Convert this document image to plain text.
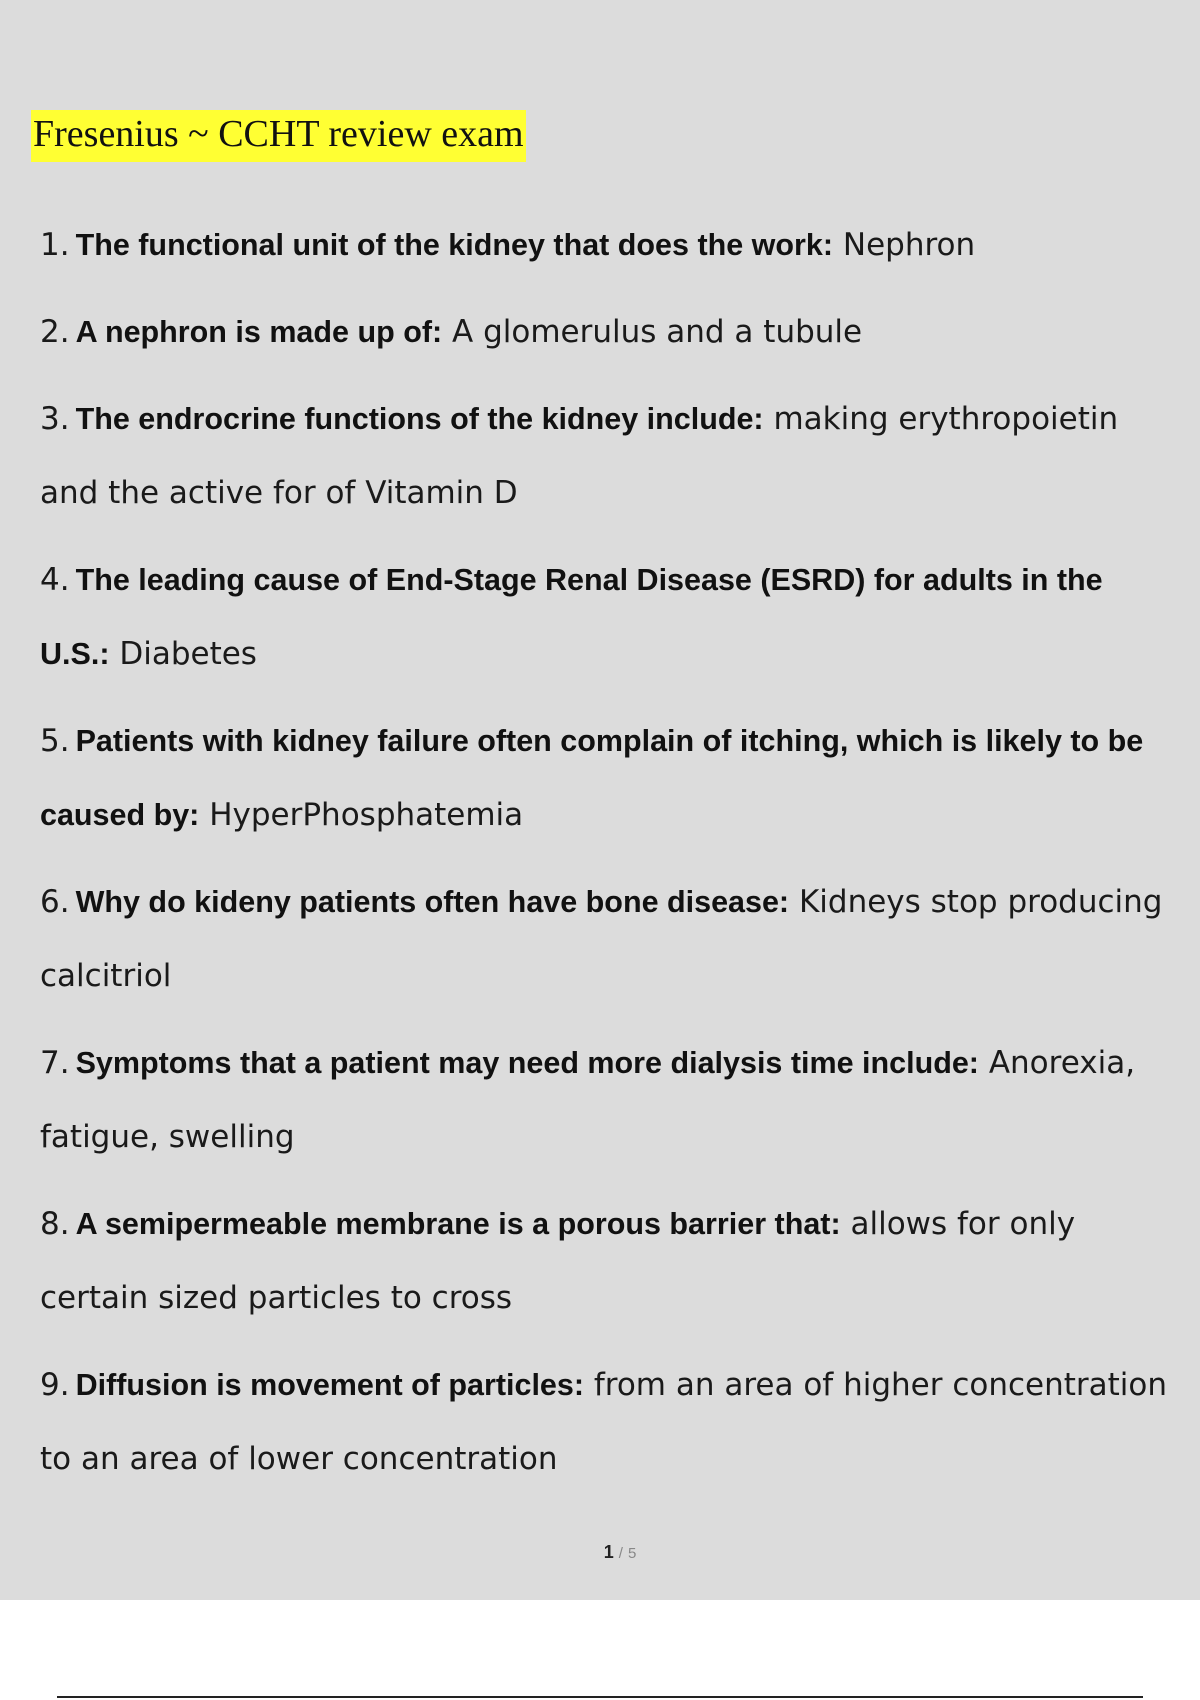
Fresenius ~ CCHT review exam
1. The functional unit of the kidney that does the work: Nephron
2. A nephron is made up of: A glomerulus and a tubule
3. The endrocrine functions of the kidney include: making erythropoietin and the active for of Vitamin D
4. The leading cause of End-Stage Renal Disease (ESRD) for adults in the U.S.: Diabetes
5. Patients with kidney failure often complain of itching, which is likely to be caused by: HyperPhosphatemia
6. Why do kideny patients often have bone disease: Kidneys stop producing calcitriol
7. Symptoms that a patient may need more dialysis time include: Anorexia, fatigue, swelling
8. A semipermeable membrane is a porous barrier that: allows for only certain sized particles to cross
9. Diffusion is movement of particles: from an area of higher concentration to an area of lower concentration
1 / 5
